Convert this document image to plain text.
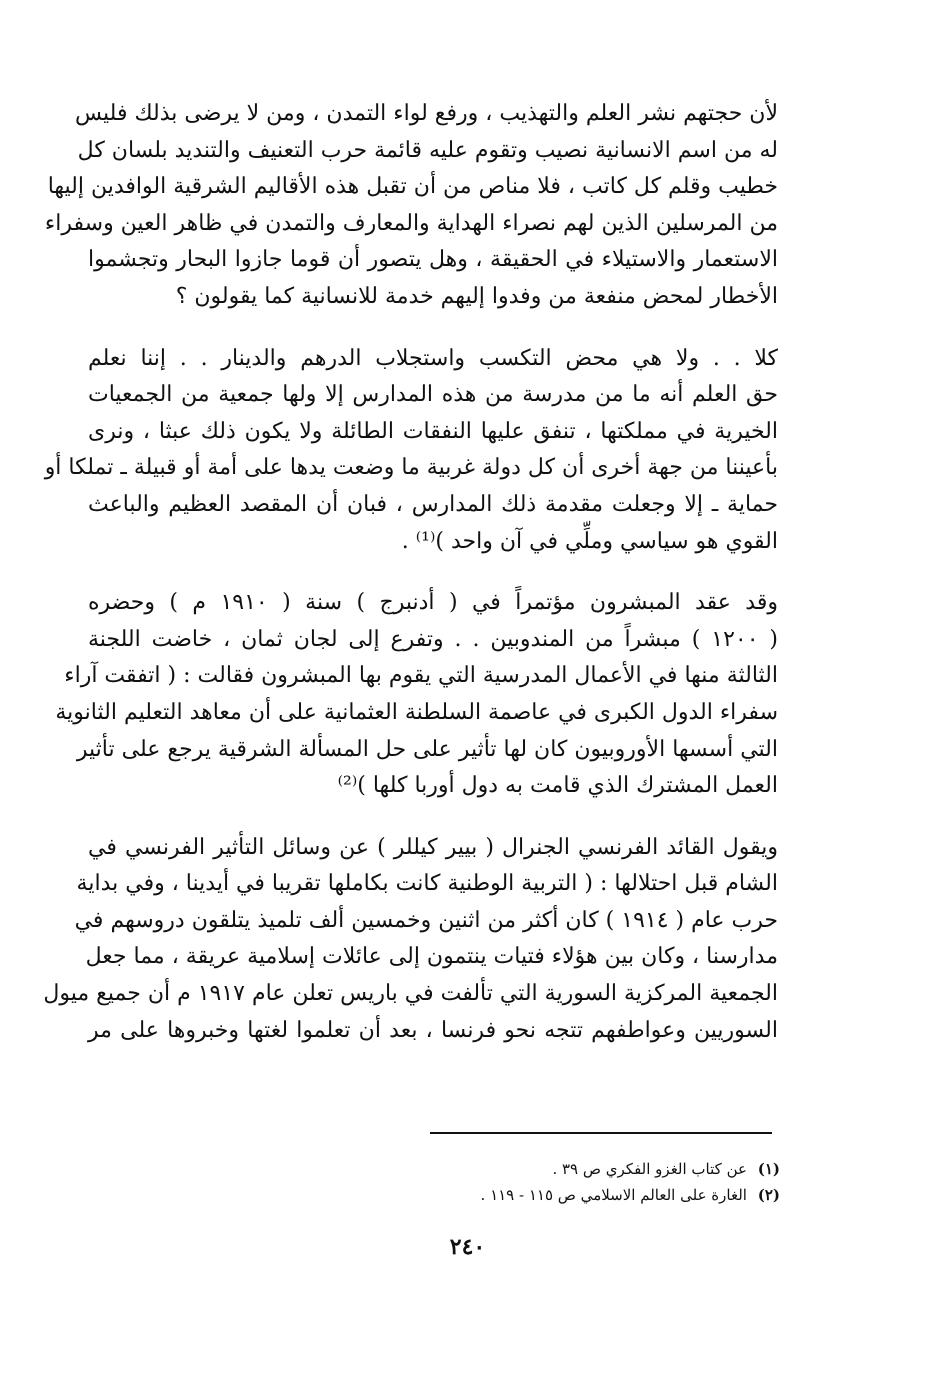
لأن حجتهم نشر العلم والتهذيب ، ورفع لواء التمدن ، ومن لا يرضى بذلك فليس
له من اسم الانسانية نصيب وتقوم عليه قائمة حرب التعنيف والتنديد بلسان كل
خطيب وقلم كل كاتب ، فلا مناص من أن تقبل هذه الأقاليم الشرقية الوافدين إليها
من المرسلين الذين لهم نصراء الهداية والمعارف والتمدن في ظاهر العين وسفراء
الاستعمار والاستيلاء في الحقيقة ، وهل يتصور أن قوما جازوا البحار وتجشموا
الأخطار لمحض منفعة من وفدوا إليهم خدمة للانسانية كما يقولون ؟
كلا . . ولا هي محض التكسب واستجلاب الدرهم والدينار . . إننا نعلم
حق العلم أنه ما من مدرسة من هذه المدارس إلا ولها جمعية من الجمعيات
الخيرية في مملكتها ، تنفق عليها النفقات الطائلة ولا يكون ذلك عبثا ، ونرى
بأعيننا من جهة أخرى أن كل دولة غربية ما وضعت يدها على أمة أو قبيلة ـ تملكا أو
حماية ـ إلا وجعلت مقدمة ذلك المدارس ، فبان أن المقصد العظيم والباعث
القوي هو سياسي وملِّي في آن واحد )⁽¹⁾ .
وقد عقد المبشرون مؤتمراً في ( أدنبرج ) سنة ( ١٩١٠ م ) وحضره
( ١٢٠٠ ) مبشراً من المندوبين . . وتفرع إلى لجان ثمان ، خاضت اللجنة
الثالثة منها في الأعمال المدرسية التي يقوم بها المبشرون فقالت : ( اتفقت آراء
سفراء الدول الكبرى في عاصمة السلطنة العثمانية على أن معاهد التعليم الثانوية
التي أسسها الأوروبيون كان لها تأثير على حل المسألة الشرقية يرجع على تأثير
العمل المشترك الذي قامت به دول أوربا كلها )⁽²⁾
ويقول القائد الفرنسي الجنرال ( بيير كيللر ) عن وسائل التأثير الفرنسي في
الشام قبل احتلالها : ( التربية الوطنية كانت بكاملها تقريبا في أيدينا ، وفي بداية
حرب عام ( ١٩١٤ ) كان أكثر من اثنين وخمسين ألف تلميذ يتلقون دروسهم في
مدارسنا ، وكان بين هؤلاء فتيات ينتمون إلى عائلات إسلامية عريقة ، مما جعل
الجمعية المركزية السورية التي تألفت في باريس تعلن عام ١٩١٧ م أن جميع ميول
السوريين وعواطفهم تتجه نحو فرنسا ، بعد أن تعلموا لغتها وخبروها على مر
(١) عن كتاب الغزو الفكري ص ٣٩ .
(٢) الغارة على العالم الاسلامي ص ١١٥ - ١١٩ .
٢٤٠
